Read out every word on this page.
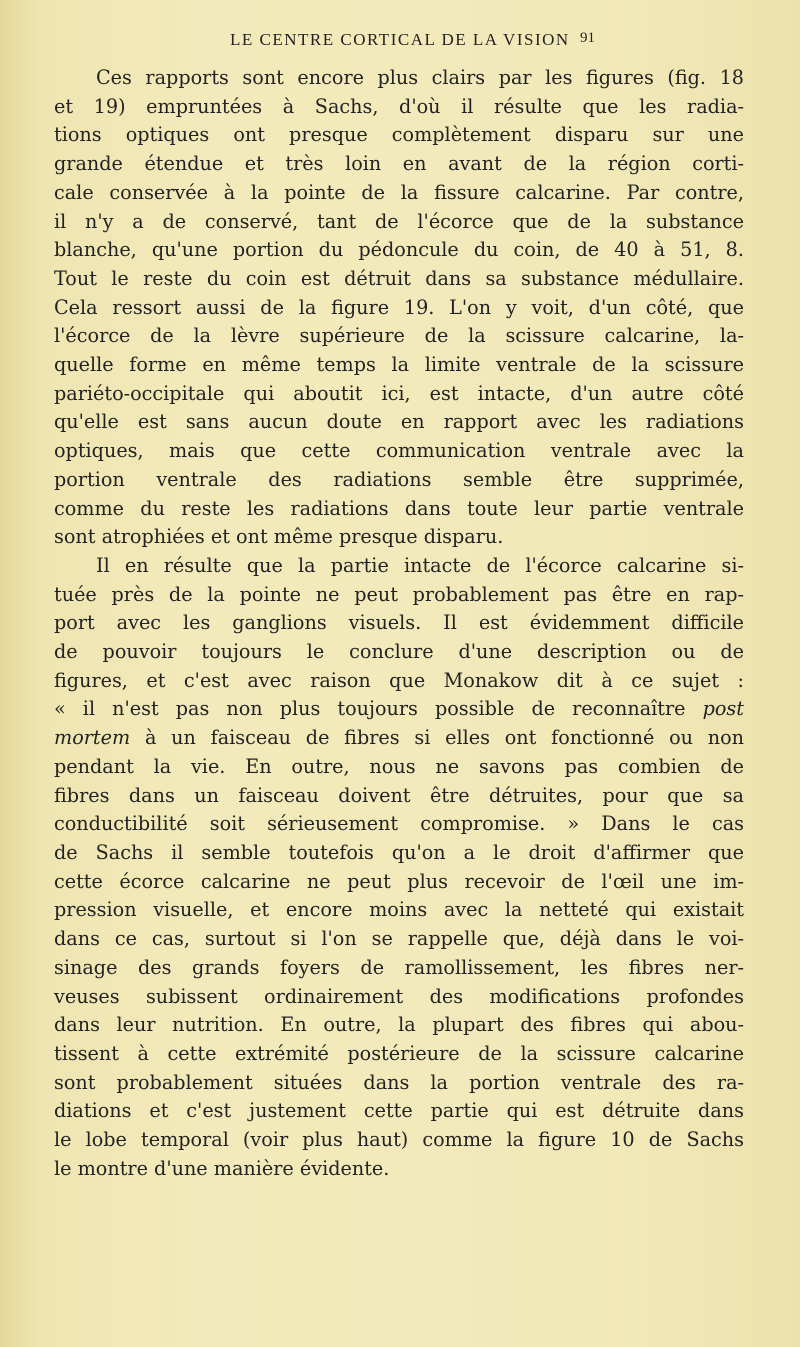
LE CENTRE CORTICAL DE LA VISION 91
Ces rapports sont encore plus clairs par les figures (fig. 18
et 19) empruntées à Sachs, d'où il résulte que les radia-
tions optiques ont presque complètement disparu sur une
grande étendue et très loin en avant de la région corti-
cale conservée à la pointe de la fissure calcarine. Par contre,
il n'y a de conservé, tant de l'écorce que de la substance
blanche, qu'une portion du pédoncule du coin, de 40 à 51, 8.
Tout le reste du coin est détruit dans sa substance médullaire.
Cela ressort aussi de la figure 19. L'on y voit, d'un côté, que
l'écorce de la lèvre supérieure de la scissure calcarine, la-
quelle forme en même temps la limite ventrale de la scissure
pariéto-occipitale qui aboutit ici, est intacte, d'un autre côté
qu'elle est sans aucun doute en rapport avec les radiations
optiques, mais que cette communication ventrale avec la
portion ventrale des radiations semble être supprimée,
comme du reste les radiations dans toute leur partie ventrale
sont atrophiées et ont même presque disparu.
Il en résulte que la partie intacte de l'écorce calcarine si-
tuée près de la pointe ne peut probablement pas être en rap-
port avec les ganglions visuels. Il est évidemment difficile
de pouvoir toujours le conclure d'une description ou de
figures, et c'est avec raison que Monakow dit à ce sujet :
« il n'est pas non plus toujours possible de reconnaître post
mortem à un faisceau de fibres si elles ont fonctionné ou non
pendant la vie. En outre, nous ne savons pas combien de
fibres dans un faisceau doivent être détruites, pour que sa
conductibilité soit sérieusement compromise. » Dans le cas
de Sachs il semble toutefois qu'on a le droit d'affirmer que
cette écorce calcarine ne peut plus recevoir de l'œil une im-
pression visuelle, et encore moins avec la netteté qui existait
dans ce cas, surtout si l'on se rappelle que, déjà dans le voi-
sinage des grands foyers de ramollissement, les fibres ner-
veuses subissent ordinairement des modifications profondes
dans leur nutrition. En outre, la plupart des fibres qui abou-
tissent à cette extrémité postérieure de la scissure calcarine
sont probablement situées dans la portion ventrale des ra-
diations et c'est justement cette partie qui est détruite dans
le lobe temporal (voir plus haut) comme la figure 10 de Sachs
le montre d'une manière évidente.
